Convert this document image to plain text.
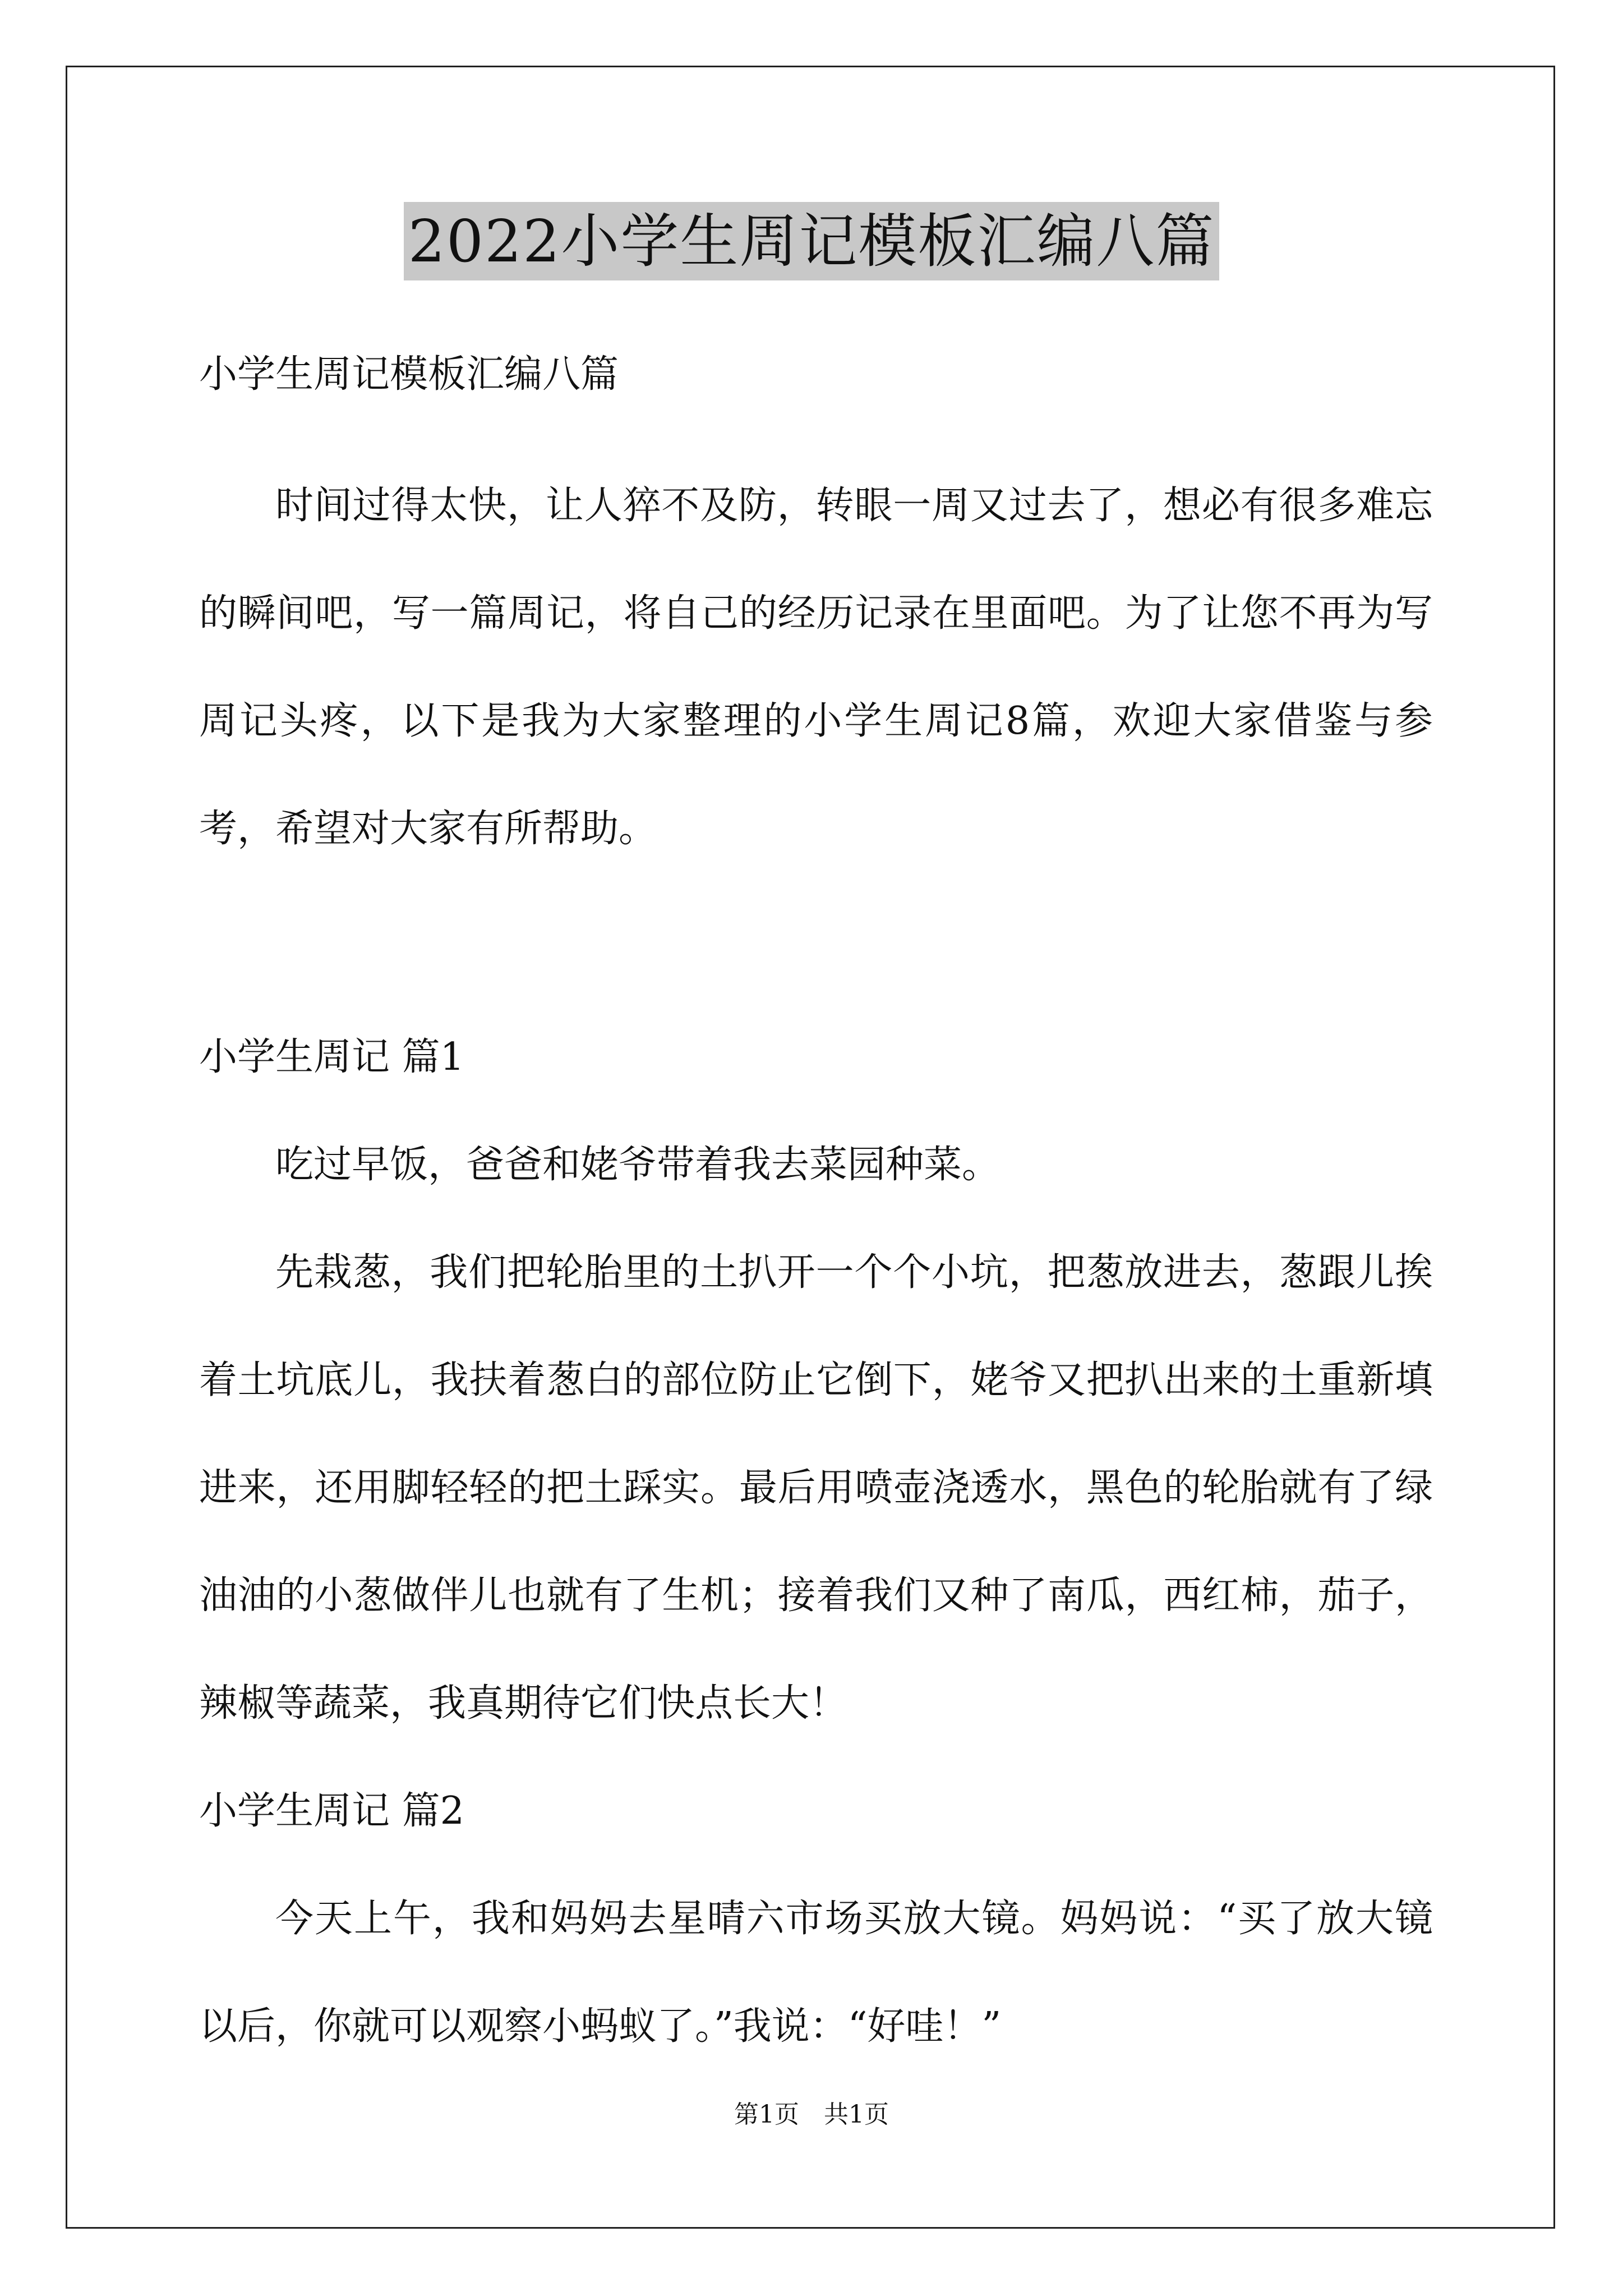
2022小学生周记模板汇编八篇

小学生周记模板汇编八篇

时间过得太快，让人猝不及防，转眼一周又过去了，想必有很多难忘的瞬间吧，写一篇周记，将自己的经历记录在里面吧。为了让您不再为写周记头疼，以下是我为大家整理的小学生周记8篇，欢迎大家借鉴与参考，希望对大家有所帮助。

小学生周记 篇1

吃过早饭，爸爸和姥爷带着我去菜园种菜。

先栽葱，我们把轮胎里的土扒开一个个小坑，把葱放进去，葱跟儿挨着土坑底儿，我扶着葱白的部位防止它倒下，姥爷又把扒出来的土重新填进来，还用脚轻轻的把土踩实。最后用喷壶浇透水，黑色的轮胎就有了绿油油的小葱做伴儿也就有了生机；接着我们又种了南瓜，西红柿，茄子，辣椒等蔬菜，我真期待它们快点长大！

小学生周记 篇2

今天上午，我和妈妈去星晴六市场买放大镜。妈妈说：“买了放大镜以后，你就可以观察小蚂蚁了。”我说：“好哇！”

第1页　共1页
